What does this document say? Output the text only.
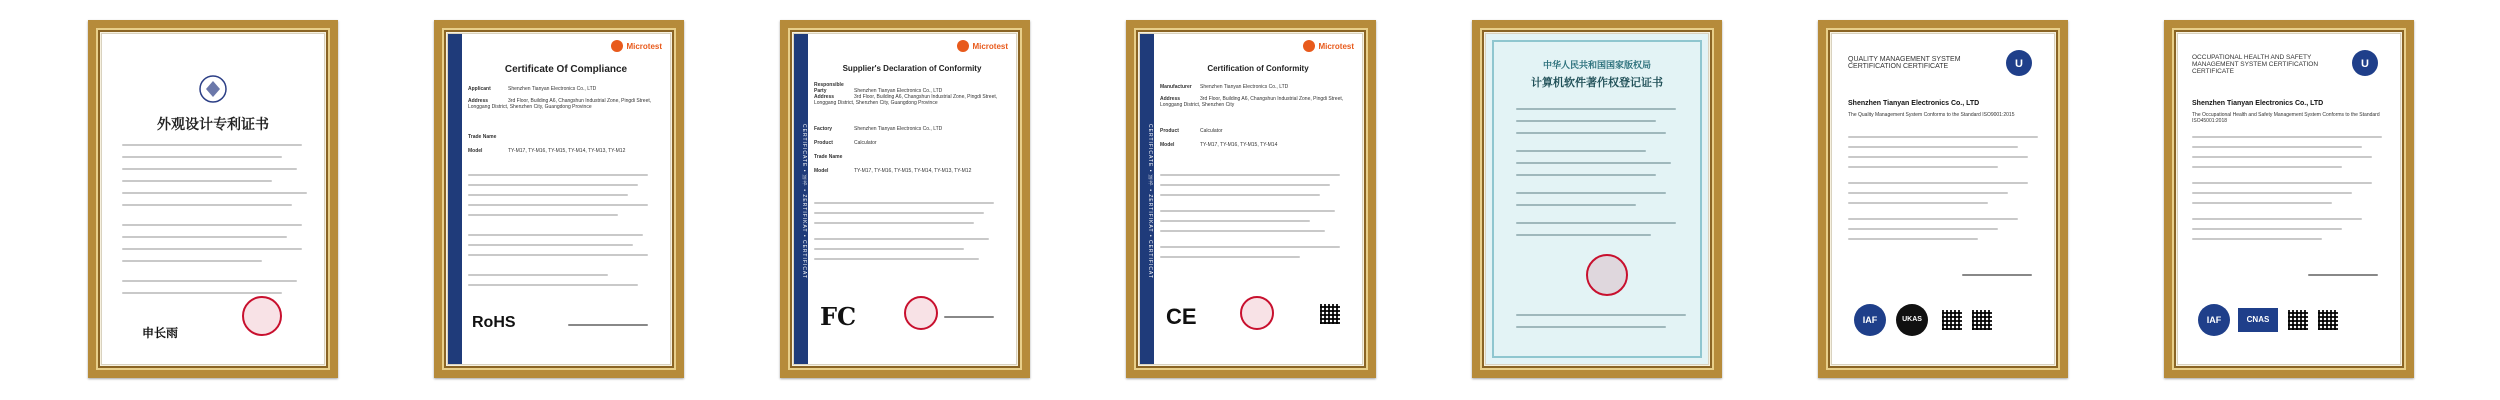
外观设计专利证书
申长雨
Microtest
Certificate Of Compliance
Applicant	Shenzhen Tianyan Electronics Co., LTD
Address	3rd Floor, Building A6, Changshun Industrial Zone, Pingdi Street, Longgang District, Shenzhen City, Guangdong Province
Trade Name
Model	TY-M17, TY-M16, TY-M15, TY-M14, TY-M13, TY-M12
RoHS
CERTIFICATE • 证书 • ZERTIFIKAT • CERTIFICAT
Microtest
Supplier's Declaration of Conformity
Responsible Party	Shenzhen Tianyan Electronics Co., LTD
Address	3rd Floor, Building A6, Changshun Industrial Zone, Pingdi Street, Longgang District, Shenzhen City, Guangdong Province
Factory	Shenzhen Tianyan Electronics Co., LTD
Product	Calculator
Trade Name
Model	TY-M17, TY-M16, TY-M15, TY-M14, TY-M13, TY-M12
FC
CERTIFICATE • 证书 • ZERTIFIKAT • CERTIFICAT
Microtest
Certification of Conformity
Manufacturer Shenzhen Tianyan Electronics Co., LTD
Address	3rd Floor, Building A6, Changshun Industrial Zone, Pingdi Street, Longgang District, Shenzhen City
Product	Calculator
Model	TY-M17, TY-M16, TY-M15, TY-M14
CE
中华人民共和国国家版权局
计算机软件著作权登记证书
QUALITY MANAGEMENT SYSTEM CERTIFICATION CERTIFICATE	U
Shenzhen Tianyan Electronics Co., LTD
The Quality Management System Conforms to the Standard ISO9001:2015
IAF	UKAS
OCCUPATIONAL HEALTH AND SAFETY MANAGEMENT SYSTEM CERTIFICATION CERTIFICATE
U
Shenzhen Tianyan Electronics Co., LTD
The Occupational Health and Safety Management System Conforms to the Standard ISO45001:2018
IAF	CNAS
